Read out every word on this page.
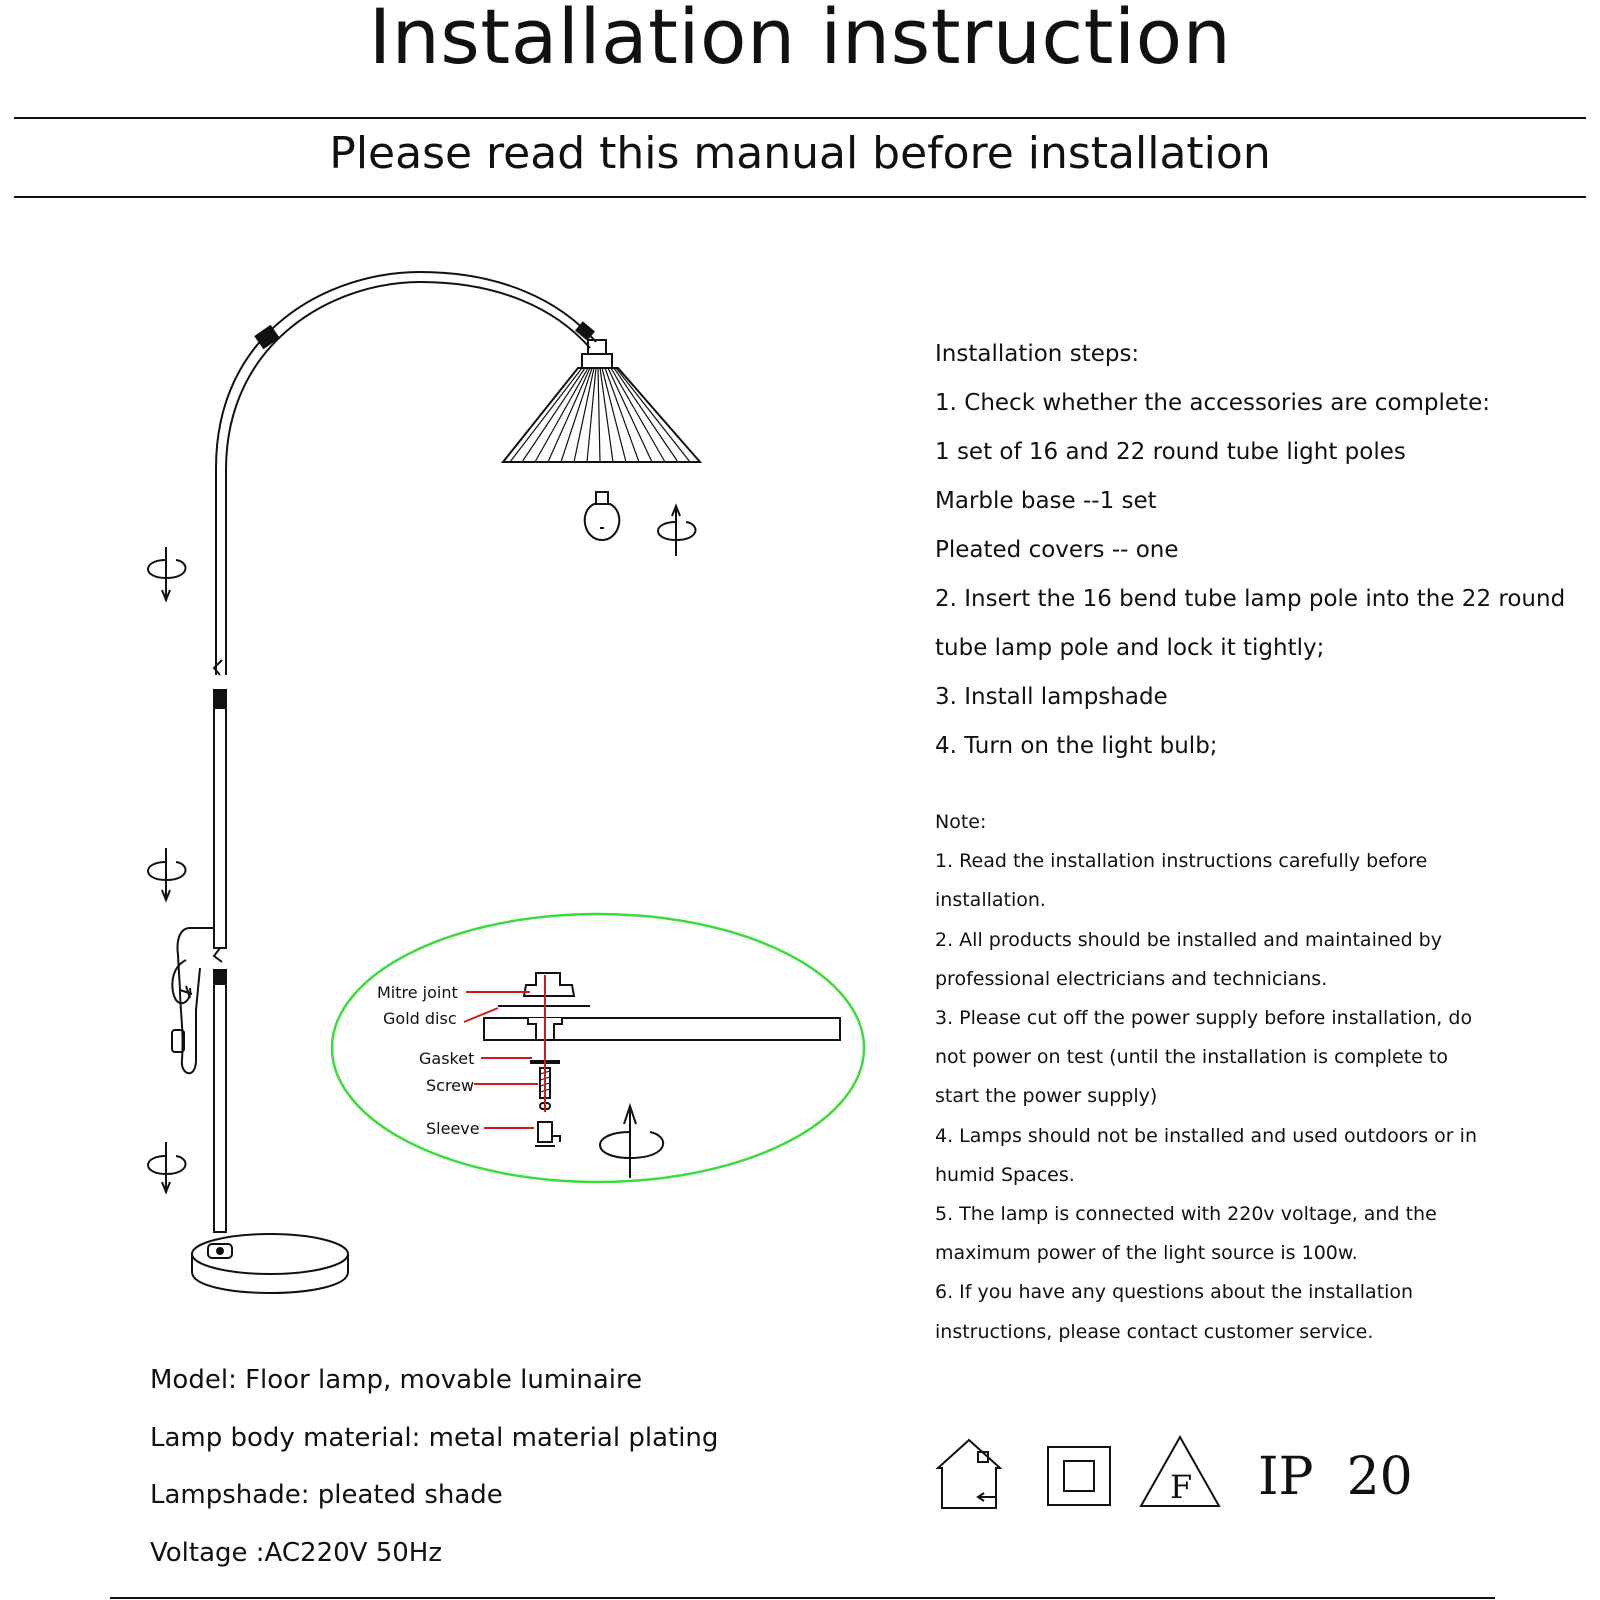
Installation instruction
Please read this manual before installation
Mitre joint
Gold disc
Gasket
Screw
Sleeve
F IP  20
Installation steps:
1. Check whether the accessories are complete:
1 set of 16 and 22 round tube light poles
Marble base --1 set
Pleated covers -- one
2. Insert the 16 bend tube lamp pole into the 22 round
tube lamp pole and lock it tightly;
3. Install lampshade
4. Turn on the light bulb;
Note:
1. Read the installation instructions carefully before
installation.
2. All products should be installed and maintained by
professional electricians and technicians.
3. Please cut off the power supply before installation, do
not power on test (until the installation is complete to
start the power supply)
4. Lamps should not be installed and used outdoors or in
humid Spaces.
5. The lamp is connected with 220v voltage, and the
maximum power of the light source is 100w.
6. If you have any questions about the installation
instructions, please contact customer service.
Model: Floor lamp, movable luminaire
Lamp body material: metal material plating
Lampshade: pleated shade
Voltage :AC220V 50Hz
